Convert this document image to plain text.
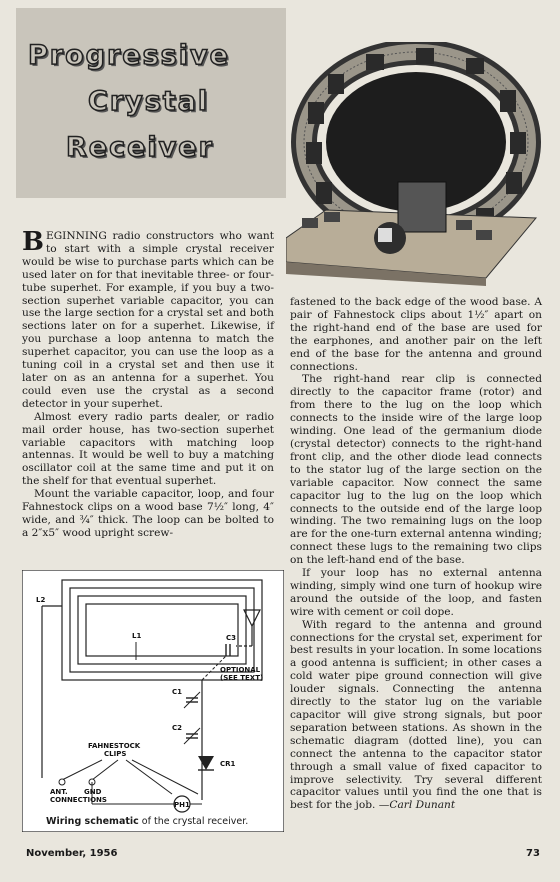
Progressive
Crystal
Receiver

BEGINNING radio constructors who want to start with a simple crystal receiver would be wise to purchase parts which can be used later on for that inevitable three- or four-tube superhet. For example, if you buy a two-section superhet variable capacitor, you can use the large section for a crystal set and both sections later on for a superhet. Likewise, if you purchase a loop antenna to match the superhet capacitor, you can use the loop as a tuning coil in a crystal set and then use it later on as an antenna for a superhet. You could even use the crystal as a second detector in your superhet.

Almost every radio parts dealer, or radio mail order house, has two-section superhet variable capacitors with matching loop antennas. It would be well to buy a matching oscillator coil at the same time and put it on the shelf for that eventual superhet.

Mount the variable capacitor, loop, and four Fahnestock clips on a wood base 7½″ long, 4″ wide, and ¾″ thick. The loop can be bolted to a 2″x5″ wood upright screw-

fastened to the back edge of the wood base. A pair of Fahnestock clips about 1½″ apart on the right-hand end of the base are used for the earphones, and another pair on the left end of the base for the antenna and ground connections.

The right-hand rear clip is connected directly to the capacitor frame (rotor) and from there to the lug on the loop which connects to the inside wire of the large loop winding. One lead of the germanium diode (crystal detector) connects to the right-hand front clip, and the other diode lead connects to the stator lug of the large section on the variable capacitor. Now connect the same capacitor lug to the lug on the loop which connects to the outside end of the large loop winding. The two remaining lugs on the loop are for the one-turn external antenna winding; connect these lugs to the remaining two clips on the left-hand end of the base.

If your loop has no external antenna winding, simply wind one turn of hookup wire around the outside of the loop, and fasten wire with cement or coil dope.

With regard to the antenna and ground connections for the crystal set, experiment for best results in your location. In some locations a good antenna is sufficient; in other cases a cold water pipe ground connection will give louder signals. Connecting the antenna directly to the stator lug on the variable capacitor will give strong signals, but poor separation between stations. As shown in the schematic diagram (dotted line), you can connect the antenna to the capacitor stator through a small value of fixed capacitor to improve selectivity. Try several different capacitor values until you find the one that is best for the job. —Carl Dunant

L2
L1	C3
OPTIONAL
(SEE TEXT)
C1
C2
CR1
FAHNESTOCK
CLIPS
ANT. GND
CONNECTIONS
PH1
Wiring schematic of the crystal receiver.
November, 1956	73
